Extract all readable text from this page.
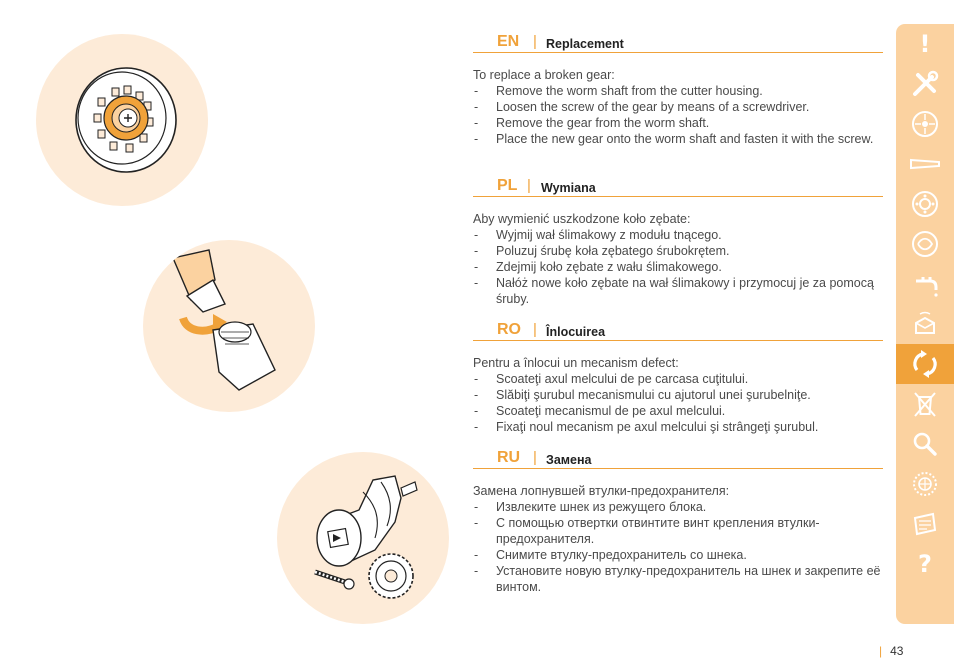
EN | Replacement
To replace a broken gear:
- Remove the worm shaft from the cutter housing.
- Loosen the screw of the gear by means of a screwdriver.
- Remove the gear from the worm shaft.
- Place the new gear onto the worm shaft and fasten it with the screw.
PL | Wymiana
Aby wymienić uszkodzone koło zębate:
- Wyjmij wał ślimakowy z modułu tnącego.
- Poluzuj śrubę koła zębatego śrubokrętem.
- Zdejmij koło zębate z wału ślimakowego.
- Nałóż nowe koło zębate na wał ślimakowy i przymocuj je za pomocą śruby.
RO | Înlocuirea
Pentru a înlocui un mecanism defect:
- Scoateţi axul melcului de pe carcasa cuţitului.
- Slăbiţi şurubul mecanismului cu ajutorul unei şurubelniţe.
- Scoateţi mecanismul de pe axul melcului.
- Fixaţi noul mecanism pe axul melcului şi strângeţi şurubul.
RU | Замена
Замена лопнувшей втулки-предохранителя:
- Извлеките шнек из режущего блока.
- С помощью отвертки отвинтите винт крепления втулки-предохранителя.
- Снимите втулку-предохранитель со шнека.
- Установите новую втулку-предохранитель на шнек и закрепите её винтом.
!
?
| 43
